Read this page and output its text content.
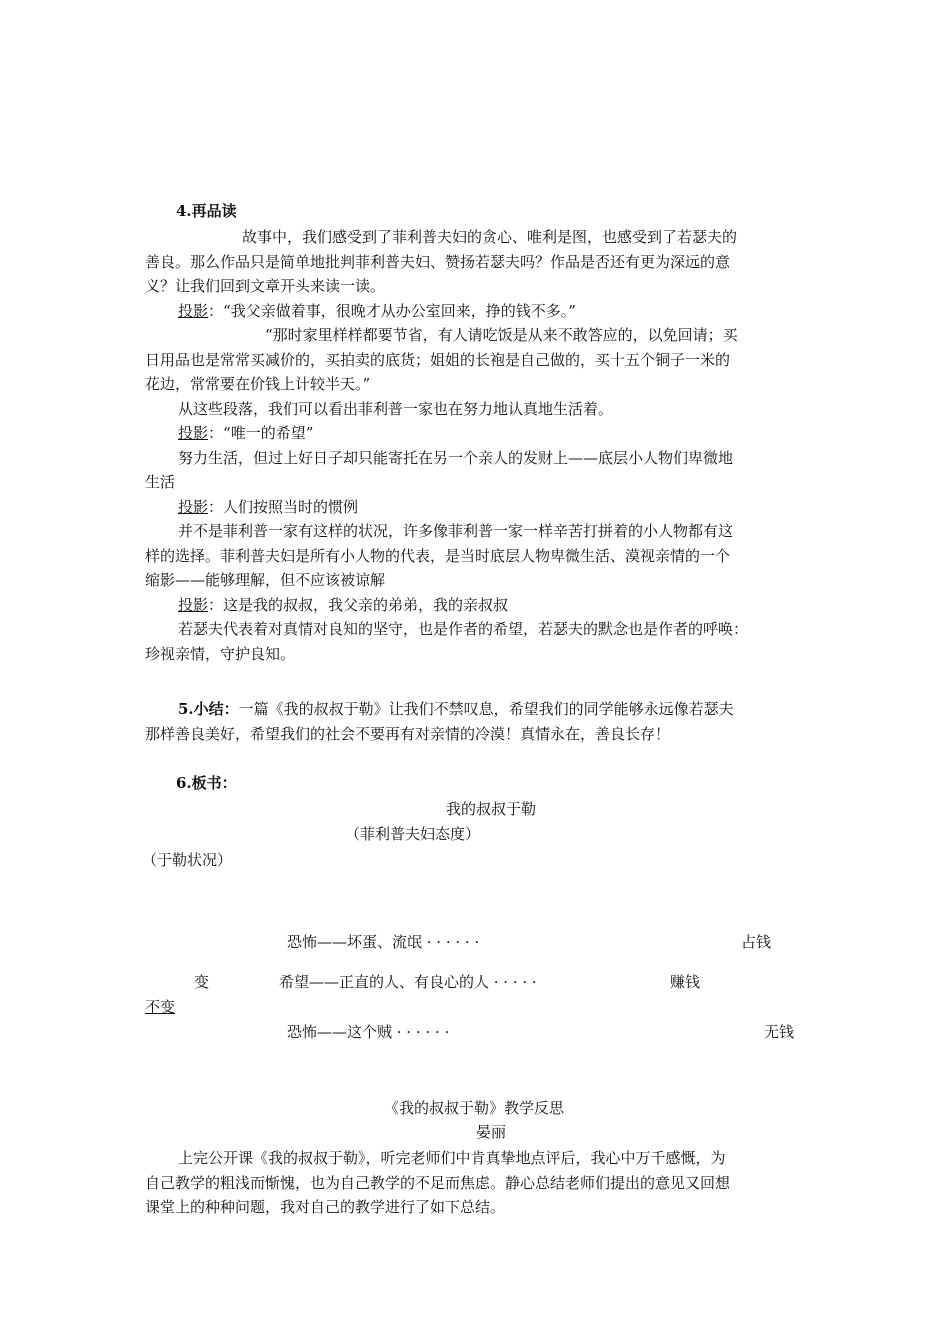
4.再品读

故事中，我们感受到了菲利普夫妇的贪心、唯利是图，也感受到了若瑟夫的

善良。那么作品只是简单地批判菲利普夫妇、赞扬若瑟夫吗？作品是否还有更为深远的意

义？让我们回到文章开头来读一读。

投影：“我父亲做着事，很晚才从办公室回来，挣的钱不多。”

“那时家里样样都要节省，有人请吃饭是从来不敢答应的，以免回请；买

日用品也是常常买减价的，买拍卖的底货；姐姐的长袍是自己做的，买十五个铜子一米的

花边，常常要在价钱上计较半天。”

从这些段落，我们可以看出菲利普一家也在努力地认真地生活着。

投影：“唯一的希望”

努力生活，但过上好日子却只能寄托在另一个亲人的发财上——底层小人物们卑微地

生活

投影：人们按照当时的惯例

并不是菲利普一家有这样的状况，许多像菲利普一家一样辛苦打拼着的小人物都有这

样的选择。菲利普夫妇是所有小人物的代表，是当时底层人物卑微生活、漠视亲情的一个

缩影——能够理解，但不应该被谅解

投影：这是我的叔叔，我父亲的弟弟，我的亲叔叔

若瑟夫代表着对真情对良知的坚守，也是作者的希望，若瑟夫的默念也是作者的呼唤：

珍视亲情，守护良知。

5.小结：一篇《我的叔叔于勒》让我们不禁叹息，希望我们的同学能够永远像若瑟夫

那样善良美好，希望我们的社会不要再有对亲情的冷漠！真情永在，善良长存！

6.板书：
我的叔叔于勒
（菲利普夫妇态度）
（于勒状况）
恐怖——坏蛋、流氓 · · · · · ·	占钱
变	希望——正直的人、有良心的人 · · · · ·	赚钱
不变
恐怖——这个贼 · · · · · ·	无钱
《我的叔叔于勒》教学反思
晏丽

上完公开课《我的叔叔于勒》，听完老师们中肯真挚地点评后，我心中万千感慨，为

自己教学的粗浅而惭愧，也为自己教学的不足而焦虑。静心总结老师们提出的意见又回想

课堂上的种种问题，我对自己的教学进行了如下总结。
